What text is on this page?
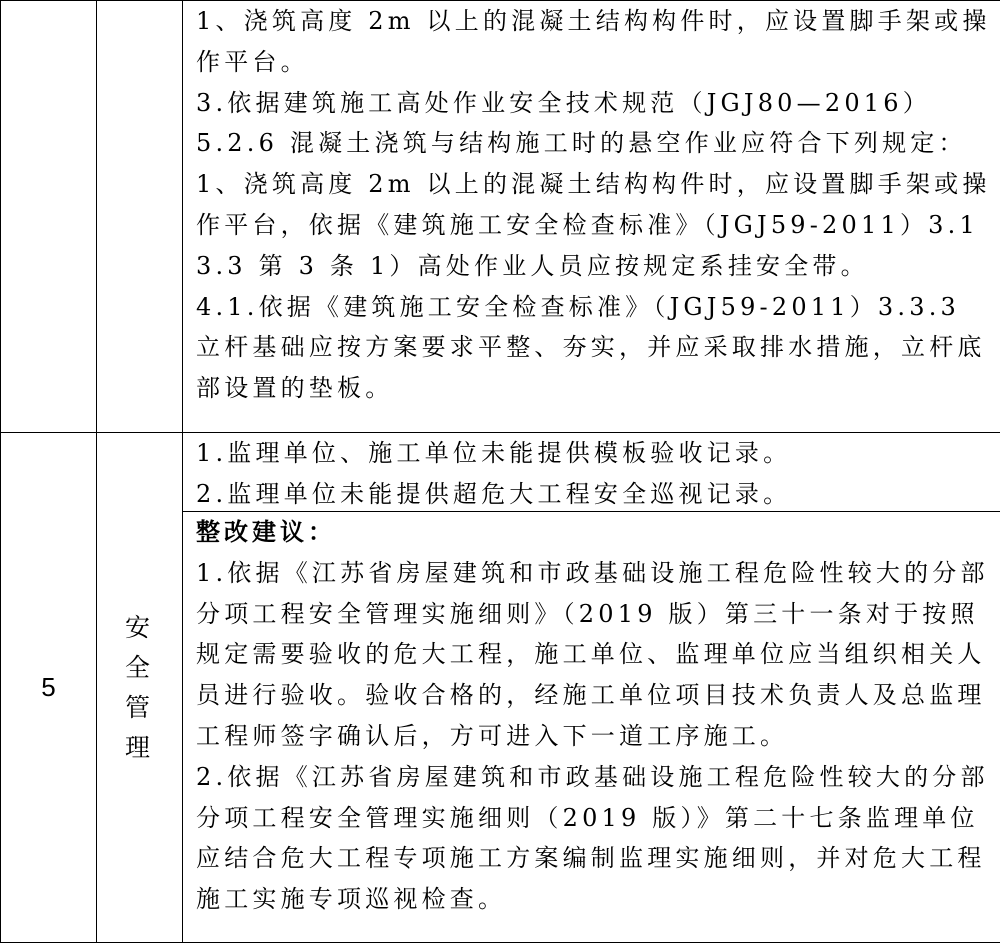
		1、浇筑高度 2m 以上的混凝土结构构件时，应设置脚手架或操作平台。
3.依据建筑施工高处作业安全技术规范（JGJ80—2016）
5.2.6 混凝土浇筑与结构施工时的悬空作业应符合下列规定：
1、浇筑高度 2m 以上的混凝土结构构件时，应设置脚手架或操作平台，依据《建筑施工安全检查标准》（JGJ59-2011）3.13.3 第 3 条 1）高处作业人员应按规定系挂安全带。
4.1.依据《建筑施工安全检查标准》（JGJ59-2011）3.3.3 立杆基础应按方案要求平整、夯实，并应采取排水措施，立杆底部设置的垫板。

5	安全管理	1.监理单位、施工单位未能提供模板验收记录。
2.监理单位未能提供超危大工程安全巡视记录。
整改建议：
1.依据《江苏省房屋建筑和市政基础设施工程危险性较大的分部分项工程安全管理实施细则》（2019 版）第三十一条对于按照规定需要验收的危大工程，施工单位、监理单位应当组织相关人员进行验收。验收合格的，经施工单位项目技术负责人及总监理工程师签字确认后，方可进入下一道工序施工。
2.依据《江苏省房屋建筑和市政基础设施工程危险性较大的分部分项工程安全管理实施细则（2019 版）》第二十七条监理单位应结合危大工程专项施工方案编制监理实施细则，并对危大工程施工实施专项巡视检查。
